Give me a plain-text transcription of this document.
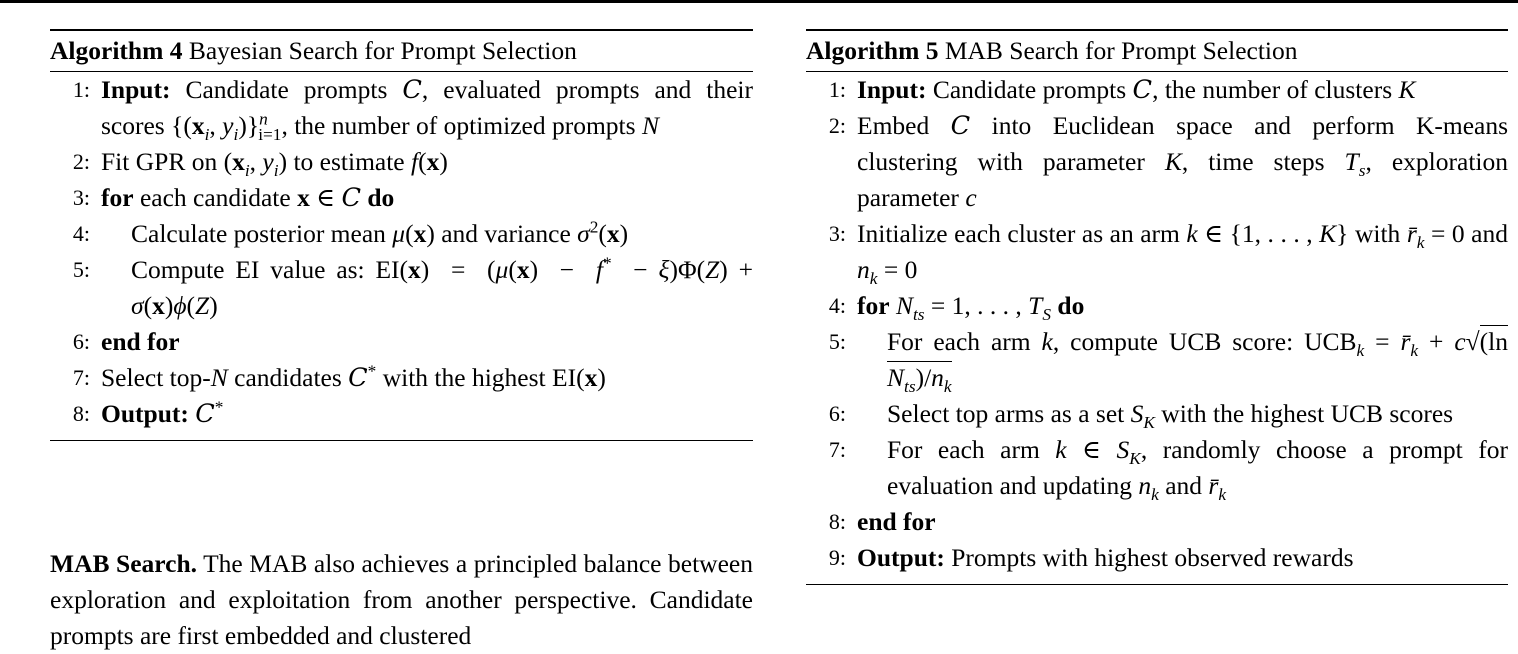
Algorithm 4 Bayesian Search for Prompt Selection
1: Input: Candidate prompts C, evaluated prompts and their scores {($x_i$, $y_i)\}^n_{i=1}$, the number of optimized prompts N
2: Fit GPR on ($x_i$, $y_i$) to estimate f(x)
3: for each candidate x ∈ C do
4: Calculate posterior mean μ(x) and variance $\sigma^2(x)$
5: Compute EI value as: EI(x)  =  (μ(x)  −  f*  − ξ)Φ(Z) + σ(x)ϕ(Z)
6: end for
7: Select top-N candidates C* with the highest EI(x)
8: Output: C*
Algorithm 5 MAB Search for Prompt Selection
1: Input: Candidate prompts C, the number of clusters K
2: Embed C into Euclidean space and perform K-means clustering with parameter K, time steps $T_s$, exploration parameter c
3: Initialize each cluster as an arm k ∈ {1, . . . , K} with $r̄_k = 0$ and $n_k = 0$
4: for $N_{ts} = 1$, . . . , $T_S$ do
5: For each arm k, compute UCB score: $UCB_k$ = $r̄_k + c√(\ln$ $N_{ts})/n_k$
6: Select top arms as a set $S_K$ with the highest UCB scores
7: For each arm k ∈ $S_K$, randomly choose a prompt for evaluation and updating $n_k$ and $r̄_k$
8: end for
9: Output: Prompts with highest observed rewards
MAB Search. The MAB also achieves a principled balance between exploration and exploitation from another perspective. Candidate prompts are first embedded and clustered
